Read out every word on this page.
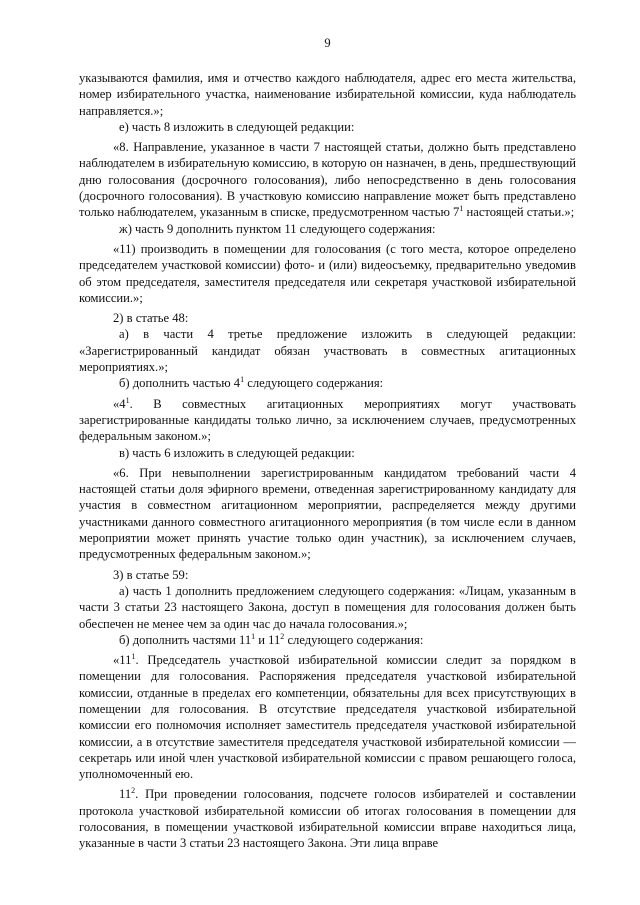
9

указываются фамилия, имя и отчество каждого наблюдателя, адрес его места жительства, номер избирательного участка, наименование избирательной комиссии, куда наблюдатель направляется.»;

е) часть 8 изложить в следующей редакции:

«8. Направление, указанное в части 7 настоящей статьи, должно быть представлено наблюдателем в избирательную комиссию, в которую он назначен, в день, предшествующий дню голосования (досрочного голосования), либо непосредственно в день голосования (досрочного голосования). В участковую комиссию направление может быть представлено только наблюдателем, указанным в списке, предусмотренном частью $7^1$ настоящей статьи.»;

ж) часть 9 дополнить пунктом 11 следующего содержания:

«11) производить в помещении для голосования (с того места, которое определено председателем участковой комиссии) фото- и (или) видеосъемку, предварительно уведомив об этом председателя, заместителя председателя или секретаря участковой избирательной комиссии.»;

2) в статье 48:

а) в части 4 третье предложение изложить в следующей редакции: «Зарегистрированный кандидат обязан участвовать в совместных агитационных мероприятиях.»;

б) дополнить частью $4^1$ следующего содержания:

«$4^1$. В совместных агитационных мероприятиях могут участвовать зарегистрированные кандидаты только лично, за исключением случаев, предусмотренных федеральным законом.»;

в) часть 6 изложить в следующей редакции:

«6. При невыполнении зарегистрированным кандидатом требований части 4 настоящей статьи доля эфирного времени, отведенная зарегистрированному кандидату для участия в совместном агитационном мероприятии, распределяется между другими участниками данного совместного агитационного мероприятия (в том числе если в данном мероприятии может принять участие только один участник), за исключением случаев, предусмотренных федеральным законом.»;

3) в статье 59:

а) часть 1 дополнить предложением следующего содержания: «Лицам, указанным в части 3 статьи 23 настоящего Закона, доступ в помещения для голосования должен быть обеспечен не менее чем за один час до начала голосования.»;

б) дополнить частями $11^1$ и $11^2$ следующего содержания:

«$11^1$. Председатель участковой избирательной комиссии следит за порядком в помещении для голосования. Распоряжения председателя участковой избирательной комиссии, отданные в пределах его компетенции, обязательны для всех присутствующих в помещении для голосования. В отсутствие председателя участковой избирательной комиссии его полномочия исполняет заместитель председателя участковой избирательной комиссии, а в отсутствие заместителя председателя участковой избирательной комиссии — секретарь или иной член участковой избирательной комиссии с правом решающего голоса, уполномоченный ею.

$11^2$. При проведении голосования, подсчете голосов избирателей и составлении протокола участковой избирательной комиссии об итогах голосования в помещении для голосования, в помещении участковой избирательной комиссии вправе находиться лица, указанные в части 3 статьи 23 настоящего Закона. Эти лица вправе
